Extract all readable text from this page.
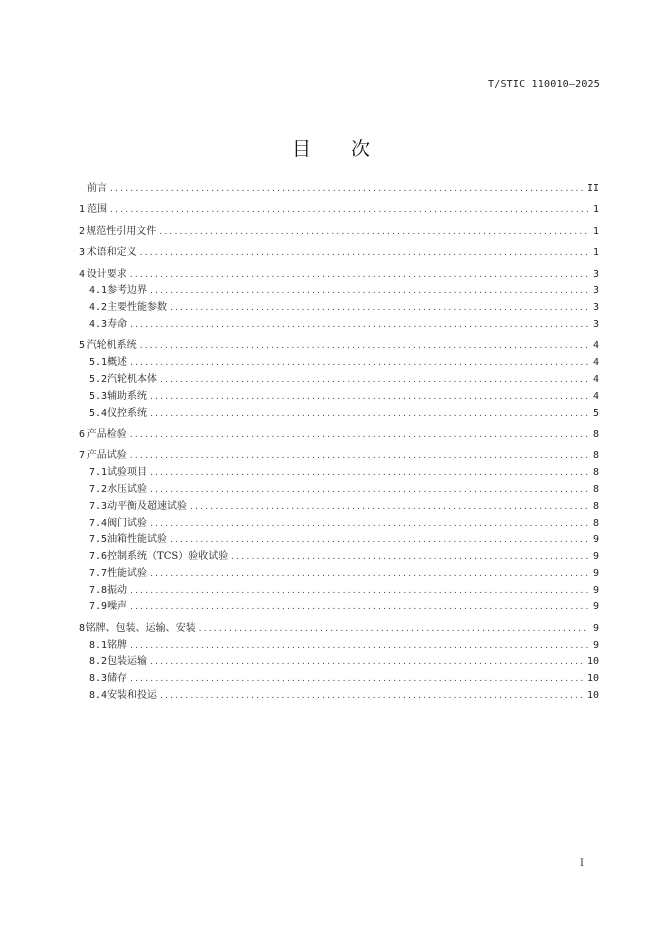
T/STIC 110010—2025
目 次
前言 .....	II
1 范围 .....	1
2 规范性引用文件 .....	1
3 术语和定义 .....	1
4 设计要求 .....	3
4.1 参考边界 .....	3
4.2 主要性能参数 .....	3
4.3 寿命 .....	3
5 汽轮机系统 .....	4
5.1 概述 .....	4
5.2 汽轮机本体 .....	4
5.3 辅助系统 .....	4
5.4 仪控系统 .....	5
6 产品检验 .....	8
7 产品试验 .....	8
7.1 试验项目 .....	8
7.2 水压试验 .....	8
7.3 动平衡及超速试验 .....	8
7.4 阀门试验 .....	8
7.5 油箱性能试验 .....	9
7.6 控制系统（TCS）验收试验 .....	9
7.7 性能试验 .....	9
7.8 振动 .....	9
7.9 噪声 .....	9
8 铭牌、包装、运输、安装 .....	9
8.1 铭牌 .....	9
8.2 包装运输 .....	10
8.3 储存 .....	10
8.4 安装和投运 .....	10
I
